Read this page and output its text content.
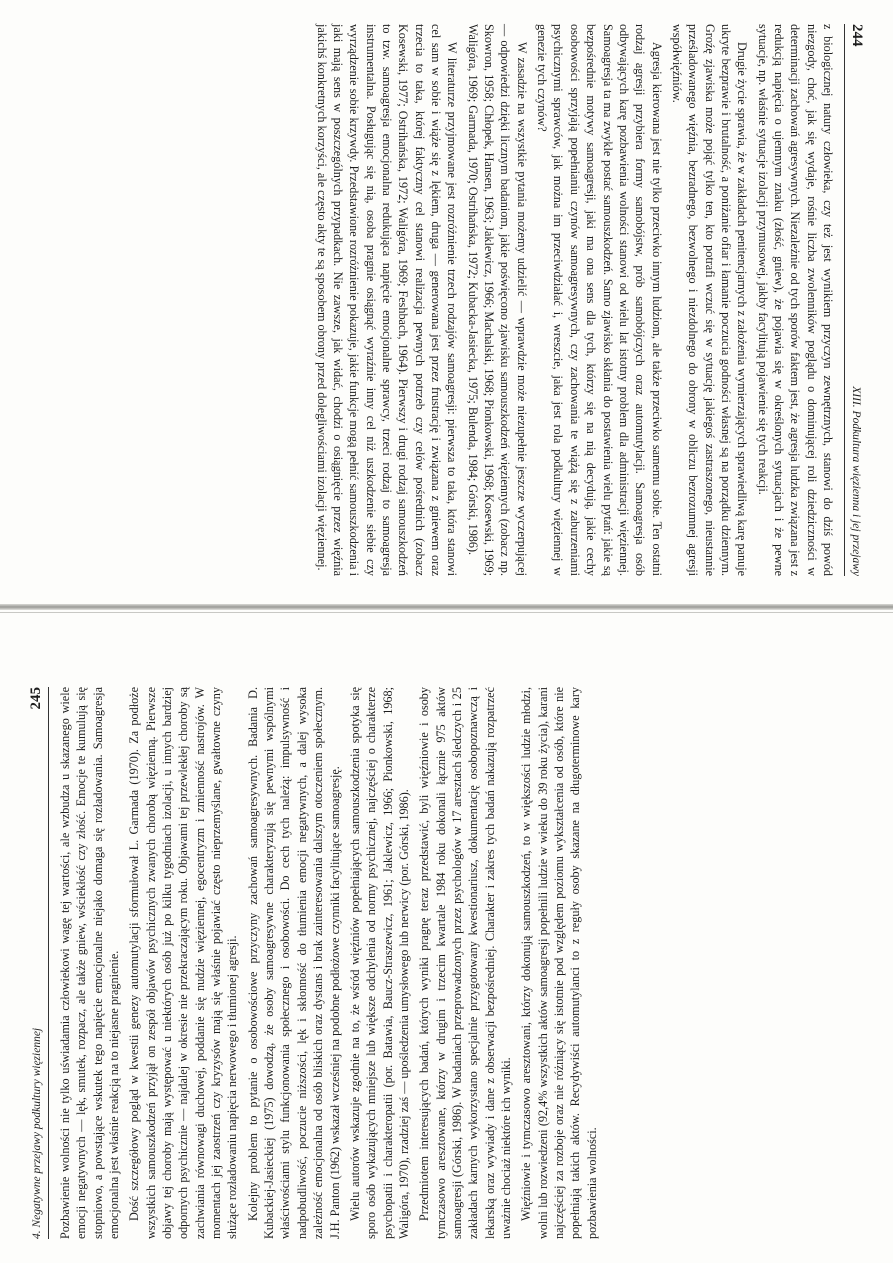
244
XIII. Podkultura więzienna i jej przejawy

z biologicznej natury człowieka, czy też jest wynikiem przyczyn zewnętrznych, stanowi do dziś powód niezgody, choć, jak się wydaje, rośnie liczba zwolenników poglądu o dominującej roli dziedziczności w determinacji zachowań agresywnych. Niezależnie od tych sporów faktem jest, że agresja ludzka związana jest z redukcją napięcia o ujemnym znaku (złość, gniew), że pojawia się w określonych sytuacjach i że pewne sytuacje, np. właśnie sytuacje izolacji przymusowej, jakby facylitują pojawienie się tych reakcji.

Drugie życie sprawia, że w zakładach penitencjarnych z założenia wymierzających sprawiedliwą karę panuje ukryte bezprawie i brutalność, a poniżanie ofiar i łamanie poczucia godności własnej są na porządku dziennym. Groźę zjawiska może pojąć tylko ten, kto potrafi wczuć się w sytuację jakiegoś zastraszonego, nieustannie prześladowanego więźnia, bezradnego, bezwolnego i niezdolnego do obrony w obliczu bezrozumnej agresji współwięźniów.

Agresja kierowana jest nie tylko przeciwko innym ludziom, ale także przeciwko samemu sobie. Ten ostatni rodzaj agresji przybiera formy samobójstw, prób samobójczych oraz automutylacji. Samoagresja osób odbywających karę pozbawienia wolności stanowi od wielu lat istotny problem dla administracji więziennej. Samoagresja ta ma zwykle postać samouszkodzeń. Samo zjawisko skłania do postawienia wielu pytań: jakie są bezpośrednie motywy samoagresji, jaki ma ona sens dla tych, którzy się na nią decydują, jakie cechy osobowości sprzyjają popełnianiu czynów samoagresywnych, czy zachowania te wiążą się z zaburzeniami psychicznymi sprawców, jak można im przeciwdziałać i, wreszcie, jaka jest rola podkultury więziennej w genezie tych czynów?

W zasadzie na wszystkie pytania możemy udzielić — wprawdzie może niezupełnie jeszcze wyczerpującej — odpowiedzi dzięki licznym badaniom, jakie poświęcono zjawisku samouszkodzeń więziennych (zobacz np. Skowron, 1958; Chłopek, Hansen, 1963; Jaklewicz, 1966; Machalski, 1968; Pionkowski, 1968; Kosewski, 1969; Waligóra, 1969; Garmada, 1970; Ostrihańska, 1972; Kubacka-Jasiecka, 1975; Bulenda, 1984; Górski, 1986).

W literaturze przyjmowane jest rozróżnienie trzech rodzajów samoagresji: pierwsza to taka, która stanowi cel sam w sobie i wiąże się z lękiem, druga — generowana jest przez frustrację i związana z gniewem oraz trzecia to taka, której faktyczny cel stanowi realizacja pewnych potrzeb czy celów pośrednich (zobacz Kosewski, 1977; Ostrihańska, 1972; Waligóra, 1969; Feshbach, 1964). Pierwszy i drugi rodzaj samouszkodzeń to tzw. samoagresja emocjonalna redukująca napięcie emocjonalne sprawcy, trzeci rodzaj to samoagresja instrumentalna. Posługując się nią, osoba pragnie osiągnąć wyraźnie inny cel niż uszkodzenie siebie czy wyrządzenie sobie krzywdy. Przedstawione rozróżnienie pokazuje, jakie funkcje mogą pełnić samouszkodzenia i jaki mają sens w poszczególnych przypadkach. Nie zawsze, jak widać, chodzi o osiągnięcie przez więźnia jakichś konkretnych korzyści, ale często akty te są sposobem obrony przed dolegliwościami izolacji więziennej.

4. Negatywne przejawy podkultury więziennej
245 Pozbawienie wolności nie tylko uświadamia człowiekowi wagę tej wartości, ale wzbudza u skazanego wiele emocji negatywnych — lęk, smutek, rozpacz, ale także gniew, wściekłość czy złość. Emocje te kumulują się stopniowo, a powstające wskutek tego napięcie emocjonalne niejako domaga się rozładowania. Samoagresja emocjonalna jest właśnie reakcją na to niejasne pragnienie. Dość szczegółowy pogląd w kwestii genezy automutylacji sformułował L. Garmada (1970). Za podłoże wszystkich samouszkodzeń przyjął on zespół objawów psychicznych zwanych chorobą więzienną. Pierwsze objawy tej choroby mają występować u niektórych osób już po kilku tygodniach izolacji, u innych bardziej odpornych psychicznie — najdalej w okresie nie przekraczającym roku. Objawami tej przewlekłej choroby są zachwiania równowagi duchowej, poddanie się nudzie więziennej, egocentryzm i zmienność nastrojów. W momentach jej zaostrzeń czy kryzysów mają się właśnie pojawiać często nieprzemyślane, gwałtowne czyny służące rozładowaniu napięcia nerwowego i tłumionej agresji. Kolejny problem to pytanie o osobowościowe przyczyny zachowań samoagresywnych. Badania D. Kubackiej-Jasieckiej (1975) dowodzą, że osoby samoagresywne charakteryzują się pewnymi wspólnymi właściwościami stylu funkcjonowania społecznego i osobowości. Do cech tych należą: impulsywność i nadpobudliwość, poczucie niższości, lęk i skłonność do tłumienia emocji negatywnych, a dalej wysoka zależność emocjonalna od osób bliskich oraz dystans i brak zainteresowania dalszym otoczeniem społecznym. J.H. Panton (1962) wskazał wcześniej na podobne podłożowe czynniki facylitujące samoagresję. Wielu autorów wskazuje zgodnie na to, że wśród więźniów popełniających samouszkodzenia spotyka się sporo osób wykazujących mniejsze lub większe odchylenia od normy psychicznej, najczęściej o charakterze psychopatii i charakteropatii (por. Batawia, Baucz-Straszewicz, 1961; Jaklewicz, 1966; Pionkowski, 1968; Waligóra, 1970), rzadziej zaś — upośledzenia umysłowego lub nerwicy (por. Górski, 1986). Przedmiotem interesujących badań, których wyniki pragnę teraz przedstawić, byli więźniowie i osoby tymczasowo aresztowane, którzy w drugim i trzecim kwartale 1984 roku dokonali łącznie 975 aktów samoagresji (Górski, 1986). W badaniach przeprowadzonych przez psychologów w 17 aresztach śledczych i 25 zakładach karnych wykorzystano specjalnie przygotowany kwestionariusz, dokumentację osobopoznawczą i lekarską oraz wywiady i dane z obserwacji bezpośredniej. Charakter i zakres tych badań nakazują rozpatrzeć uważnie chociaż niektóre ich wyniki. Więźniowie i tymczasowo aresztowani, którzy dokonują samouszkodzeń, to w większości ludzie młodzi, wolni lub rozwiedzeni (92,4% wszystkich aktów samoagresji popełnili ludzie w wieku do 39 roku życia), karani najczęściej za rozboje oraz nie różniący się istotnie pod względem poziomu wykształcenia od osób, które nie popełniają takich aktów. Recydywiści automutylanci to z reguły osoby skazane na długoterminowe kary pozbawienia wolności.
